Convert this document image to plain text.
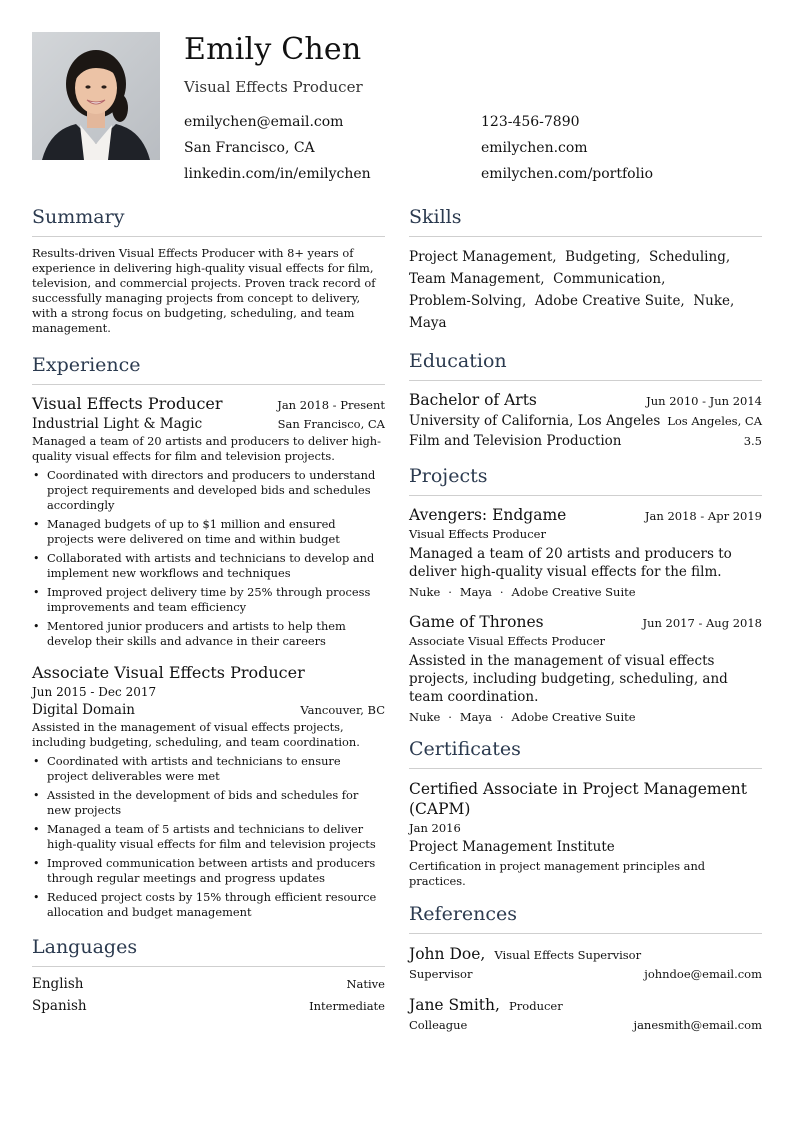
Emily Chen
Visual Effects Producer
emilychen@email.com	123-456-7890
San Francisco, CA	emilychen.com
linkedin.com/in/emilychen	emilychen.com/portfolio
Summary

Results-driven Visual Effects Producer with 8+ years of experience in delivering high-quality visual effects for film, television, and commercial projects. Proven track record of successfully managing projects from concept to delivery, with a strong focus on budgeting, scheduling, and team management.

Experience
Visual Effects Producer	Jan 2018 - Present
Industrial Light & Magic	San Francisco, CA

Managed a team of 20 artists and producers to deliver high-quality visual effects for film and television projects.

• Coordinated with directors and producers to understand project requirements and developed bids and schedules accordingly
• Managed budgets of up to $1 million and ensured projects were delivered on time and within budget
• Collaborated with artists and technicians to develop and implement new workflows and techniques
• Improved project delivery time by 25% through process improvements and team efficiency
• Mentored junior producers and artists to help them develop their skills and advance in their careers
Associate Visual Effects Producer
Jun 2015 - Dec 2017
Digital Domain	Vancouver, BC

Assisted in the management of visual effects projects, including budgeting, scheduling, and team coordination.

• Coordinated with artists and technicians to ensure project deliverables were met
• Assisted in the development of bids and schedules for new projects
• Managed a team of 5 artists and technicians to deliver high-quality visual effects for film and television projects
• Improved communication between artists and producers through regular meetings and progress updates
• Reduced project costs by 15% through efficient resource allocation and budget management
Languages
English	Native
Spanish	Intermediate
Skills
Project Management, Budgeting, Scheduling,
Team Management, Communication,
Problem-Solving, Adobe Creative Suite, Nuke,
Maya
Education
Bachelor of Arts	Jun 2010 - Jun 2014
University of California, Los Angeles Los Angeles, CA
Film and Television Production	3.5
Projects
Avengers: Endgame	Jan 2018 - Apr 2019
Visual Effects Producer

Managed a team of 20 artists and producers to deliver high-quality visual effects for the film.

Nuke · Maya · Adobe Creative Suite
Game of Thrones	Jun 2017 - Aug 2018
Associate Visual Effects Producer

Assisted in the management of visual effects projects, including budgeting, scheduling, and team coordination.

Nuke · Maya · Adobe Creative Suite
Certificates
Certified Associate in Project Management (CAPM)
Jan 2016
Project Management Institute

Certification in project management principles and practices.

References
John Doe, Visual Effects Supervisor
Supervisor	johndoe@email.com
Jane Smith, Producer
Colleague	janesmith@email.com
